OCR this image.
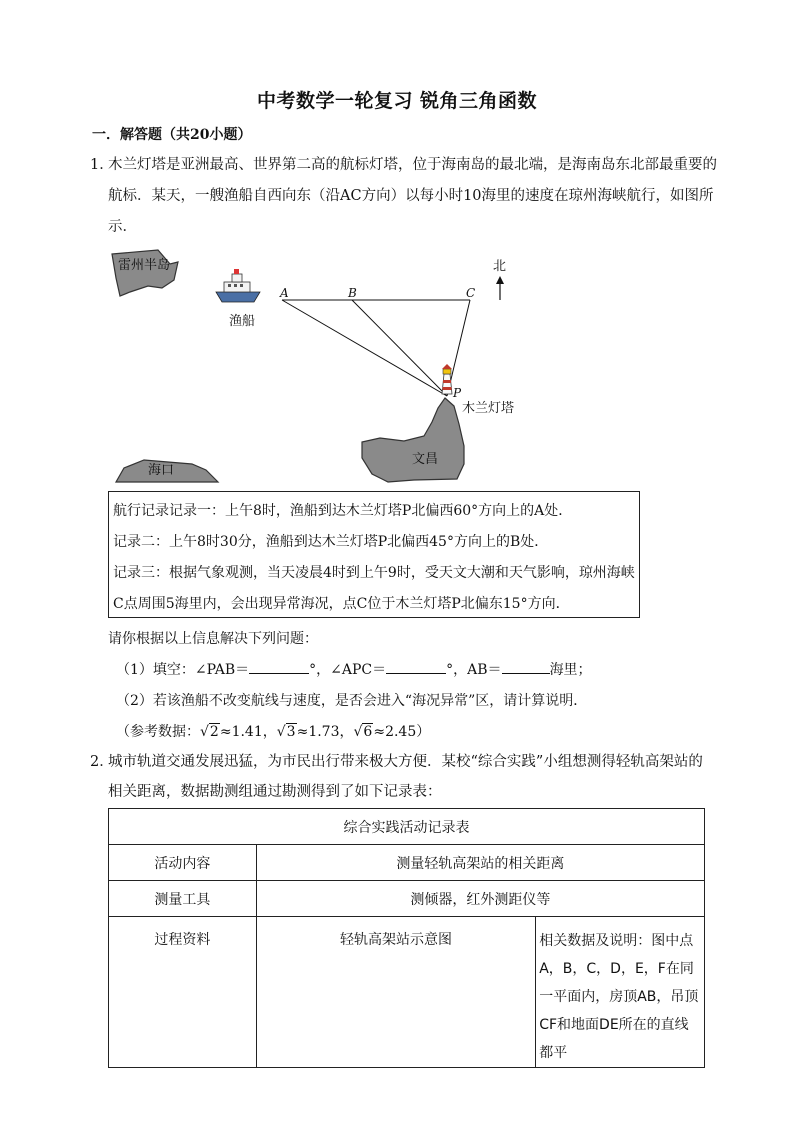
中考数学一轮复习 锐角三角函数
一．解答题（共20小题）
1．
木兰灯塔是亚洲最高、世界第二高的航标灯塔，位于海南岛的最北端，是海南岛东北部最重要的
航标．某天，一艘渔船自西向东（沿AC方向）以每小时10海里的速度在琼州海峡航行，如图所
示．
雷州半岛
渔船
A	B	C
北
P
木兰灯塔
文昌
海口
航行记录记录一：上午8时，渔船到达木兰灯塔P北偏西60°方向上的A处．
记录二：上午8时30分，渔船到达木兰灯塔P北偏西45°方向上的B处．
记录三：根据气象观测，当天凌晨4时到上午9时，受天文大潮和天气影响，琼州海峡
C点周围5海里内，会出现异常海况，点C位于木兰灯塔P北偏东15°方向．
请你根据以上信息解决下列问题：
（1）填空：∠PAB＝	°，∠APC＝	°，AB＝	海里；
（2）若该渔船不改变航线与速度，是否会进入“海况异常”区，请计算说明．
（参考数据：√2≈1.41，√3≈1.73，√6≈2.45）
2．
城市轨道交通发展迅猛，为市民出行带来极大方便．某校“综合实践”小组想测得轻轨高架站的
相关距离，数据勘测组通过勘测得到了如下记录表：
综合实践活动记录表		
活动内容	测量轻轨高架站的相关距离	
测量工具	测倾器，红外测距仪等	
过程资料	轻轨高架站示意图	相关数据及说明：图中点A，B，C，D，E，F在同一平面内，房顶AB，吊顶CF和地面DE所在的直线都平
